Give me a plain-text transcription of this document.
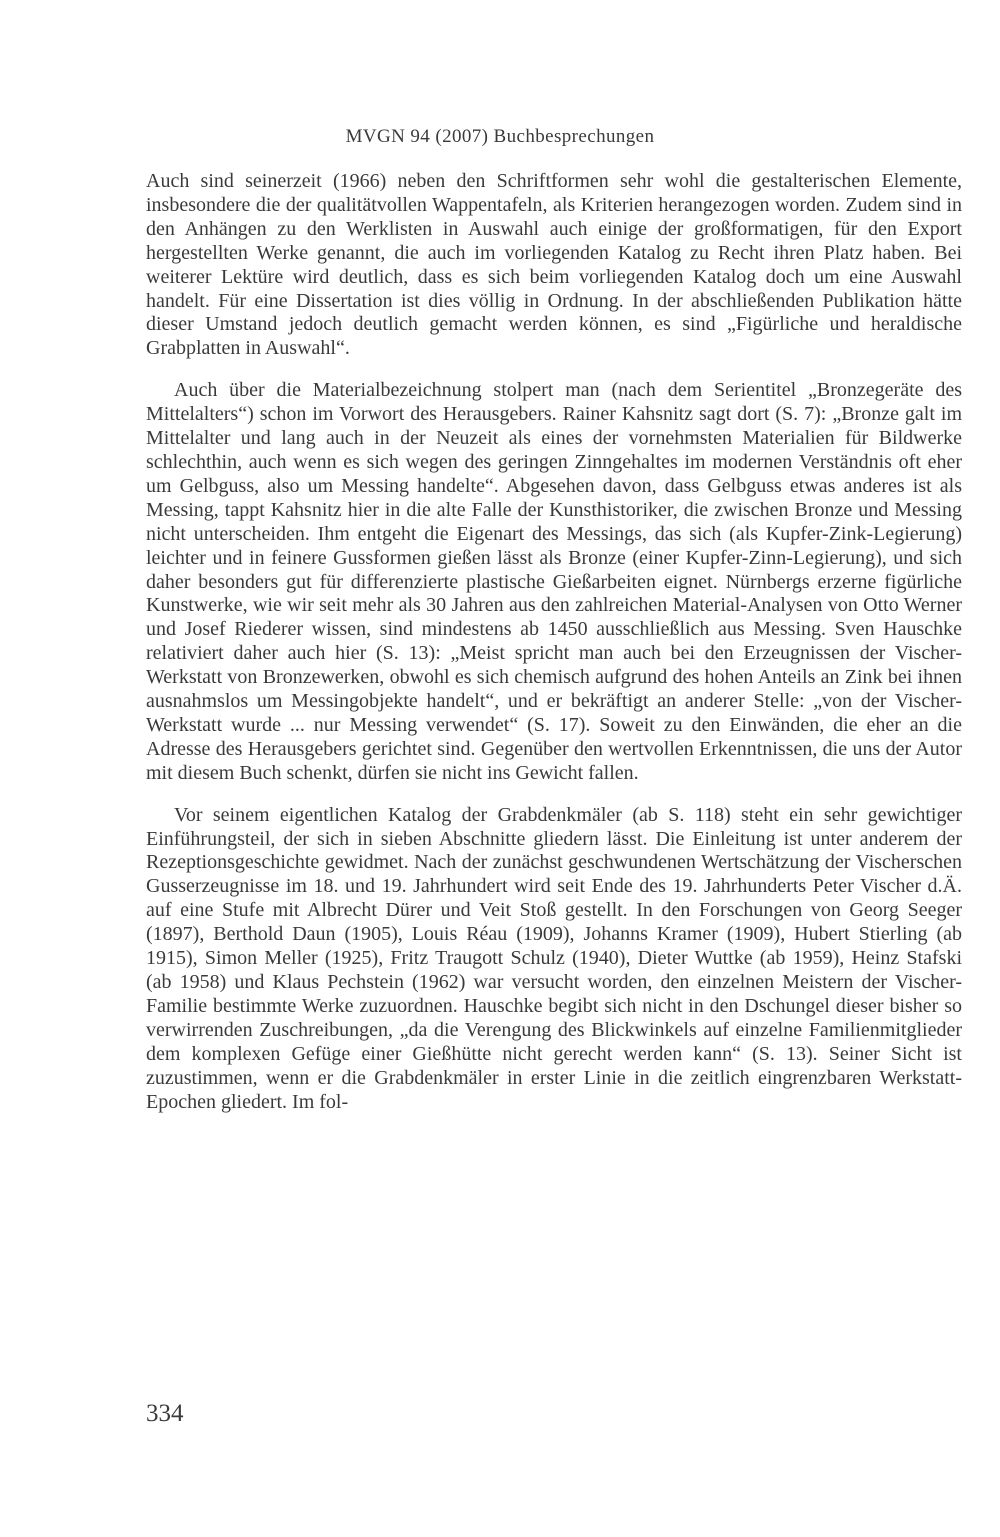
MVGN 94 (2007) Buchbesprechungen

Auch sind seinerzeit (1966) neben den Schriftformen sehr wohl die gestalterischen Elemente, insbesondere die der qualitätvollen Wappentafeln, als Kriterien herangezogen worden. Zudem sind in den Anhängen zu den Werklisten in Auswahl auch einige der großformatigen, für den Export hergestellten Werke genannt, die auch im vorliegenden Katalog zu Recht ihren Platz haben. Bei weiterer Lektüre wird deutlich, dass es sich beim vorliegenden Katalog doch um eine Auswahl handelt. Für eine Dissertation ist dies völlig in Ordnung. In der abschließenden Publikation hätte dieser Umstand jedoch deutlich gemacht werden können, es sind „Figürliche und heraldische Grabplatten in Auswahl“.

Auch über die Materialbezeichnung stolpert man (nach dem Serientitel „Bronzegeräte des Mittelalters“) schon im Vorwort des Herausgebers. Rainer Kahsnitz sagt dort (S. 7): „Bronze galt im Mittelalter und lang auch in der Neuzeit als eines der vornehmsten Materialien für Bildwerke schlechthin, auch wenn es sich wegen des geringen Zinngehaltes im modernen Verständnis oft eher um Gelbguss, also um Messing handelte“. Abgesehen davon, dass Gelbguss etwas anderes ist als Messing, tappt Kahsnitz hier in die alte Falle der Kunsthistoriker, die zwischen Bronze und Messing nicht unterscheiden. Ihm entgeht die Eigenart des Messings, das sich (als Kupfer-Zink-Legierung) leichter und in feinere Gussformen gießen lässt als Bronze (einer Kupfer-Zinn-Legierung), und sich daher besonders gut für differenzierte plastische Gießarbeiten eignet. Nürnbergs erzerne figürliche Kunstwerke, wie wir seit mehr als 30 Jahren aus den zahlreichen Material-Analysen von Otto Werner und Josef Riederer wissen, sind mindestens ab 1450 ausschließlich aus Messing. Sven Hauschke relativiert daher auch hier (S. 13): „Meist spricht man auch bei den Erzeugnissen der Vischer-Werkstatt von Bronzewerken, obwohl es sich chemisch aufgrund des hohen Anteils an Zink bei ihnen ausnahmslos um Messingobjekte handelt“, und er bekräftigt an anderer Stelle: „von der Vischer-Werkstatt wurde ... nur Messing verwendet“ (S. 17). Soweit zu den Einwänden, die eher an die Adresse des Herausgebers gerichtet sind. Gegenüber den wertvollen Erkenntnissen, die uns der Autor mit diesem Buch schenkt, dürfen sie nicht ins Gewicht fallen.

Vor seinem eigentlichen Katalog der Grabdenkmäler (ab S. 118) steht ein sehr gewichtiger Einführungsteil, der sich in sieben Abschnitte gliedern lässt. Die Einleitung ist unter anderem der Rezeptionsgeschichte gewidmet. Nach der zunächst geschwundenen Wertschätzung der Vischerschen Gusserzeugnisse im 18. und 19. Jahrhundert wird seit Ende des 19. Jahrhunderts Peter Vischer d.Ä. auf eine Stufe mit Albrecht Dürer und Veit Stoß gestellt. In den Forschungen von Georg Seeger (1897), Berthold Daun (1905), Louis Réau (1909), Johanns Kramer (1909), Hubert Stierling (ab 1915), Simon Meller (1925), Fritz Traugott Schulz (1940), Dieter Wuttke (ab 1959), Heinz Stafski (ab 1958) und Klaus Pechstein (1962) war versucht worden, den einzelnen Meistern der Vischer-Familie bestimmte Werke zuzuordnen. Hauschke begibt sich nicht in den Dschungel dieser bisher so verwirrenden Zuschreibungen, „da die Verengung des Blickwinkels auf einzelne Familienmitglieder dem komplexen Gefüge einer Gießhütte nicht gerecht werden kann“ (S. 13). Seiner Sicht ist zuzustimmen, wenn er die Grabdenkmäler in erster Linie in die zeitlich eingrenzbaren Werkstatt-Epochen gliedert. Im fol-

334
